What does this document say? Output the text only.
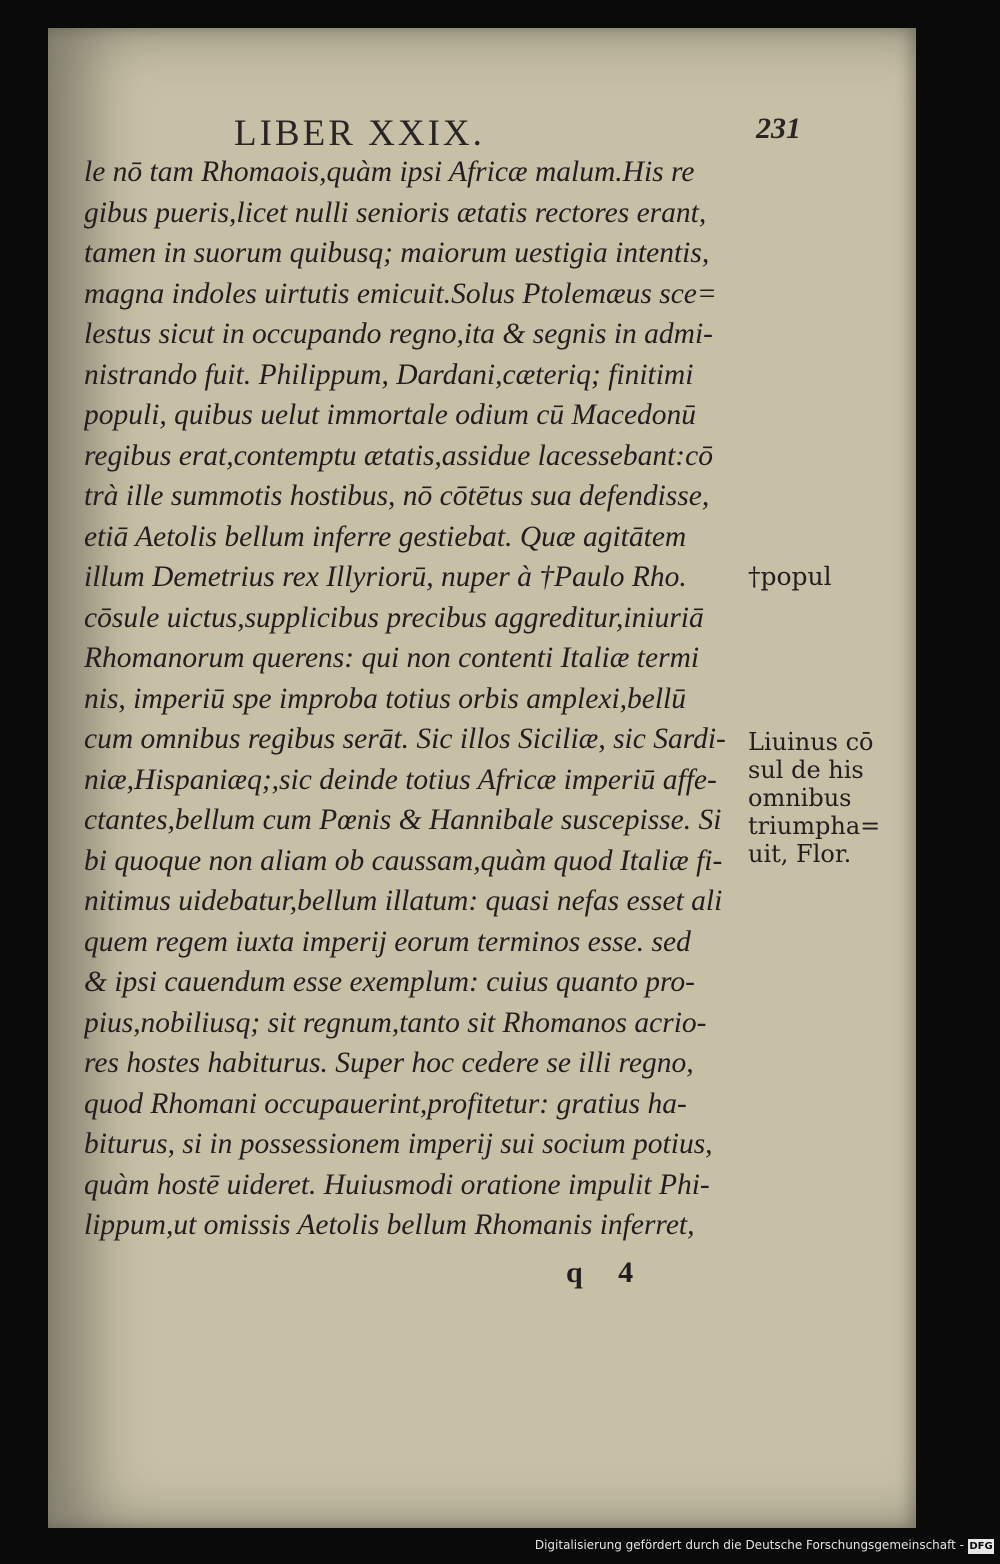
LIBER XXIX.	231
le nō tam Rhomaois,quàm ipsi Africæ malum.His re
gibus pueris,licet nulli senioris ætatis rectores erant,
tamen in suorum quibusq; maiorum uestigia intentis,
magna indoles uirtutis emicuit.Solus Ptolemæus sce=
lestus sicut in occupando regno,ita & segnis in admi-
nistrando fuit. Philippum, Dardani,cæteriq; finitimi
populi, quibus uelut immortale odium cū Macedonū
regibus erat,contemptu ætatis,assidue lacessebant:cō
trà ille summotis hostibus, nō cōtētus sua defendisse,
etiā Aetolis bellum inferre gestiebat. Quæ agitātem
illum Demetrius rex Illyriorū, nuper à †Paulo Rho.
cōsule uictus,supplicibus precibus aggreditur,iniuriā
Rhomanorum querens: qui non contenti Italiæ termi
nis, imperiū spe improba totius orbis amplexi,bellū
cum omnibus regibus serāt. Sic illos Siciliæ, sic Sardi-
niæ,Hispaniæq;,sic deinde totius Africæ imperiū affe-
ctantes,bellum cum Pœnis & Hannibale suscepisse. Si
bi quoque non aliam ob caussam,quàm quod Italiæ fi-
nitimus uidebatur,bellum illatum: quasi nefas esset ali
quem regem iuxta imperij eorum terminos esse. sed
& ipsi cauendum esse exemplum: cuius quanto pro-
pius,nobiliusq; sit regnum,tanto sit Rhomanos acrio-
res hostes habiturus. Super hoc cedere se illi regno,
quod Rhomani occupauerint,profitetur: gratius ha-
biturus, si in possessionem imperij sui socium potius,
quàm hostē uideret. Huiusmodi oratione impulit Phi-
lippum,ut omissis Aetolis bellum Rhomanis inferret,
†popul
Liuinus cō
sul de his
omnibus
triumpha=
uit, Flor.
q 4
Digitalisierung gefördert durch die Deutsche Forschungsgemeinschaft - DFG
